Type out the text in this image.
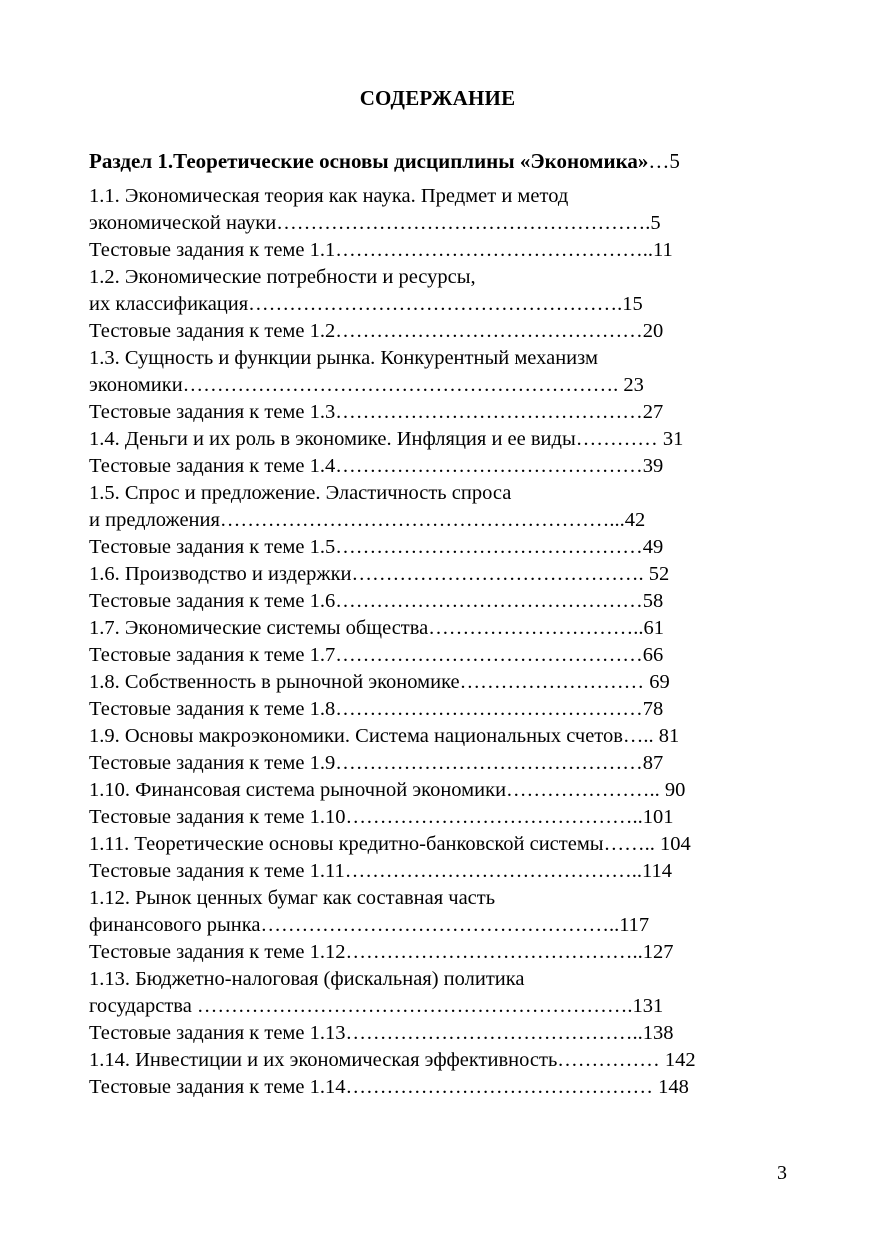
СОДЕРЖАНИЕ
Раздел 1.Теоретические основы дисциплины «Экономика»…5
1.1. Экономическая теория как наука. Предмет и метод
экономической науки……………………………………………….5
Тестовые задания к теме 1.1………………………………………..11
1.2. Экономические потребности и ресурсы,
их классификация……………………………………………….15
Тестовые задания к теме 1.2………………………………………20
1.3. Сущность и функции рынка. Конкурентный механизм
экономики………………………………………………………. 23
Тестовые задания к теме 1.3………………………………………27
1.4. Деньги и их роль в экономике. Инфляция и ее виды………… 31
Тестовые задания к теме 1.4………………………………………39
1.5. Спрос и предложение. Эластичность спроса
и предложения…………………………………………………...42
Тестовые задания к теме 1.5………………………………………49
1.6. Производство и издержки……………………………………. 52
Тестовые задания к теме 1.6………………………………………58
1.7. Экономические системы общества…………………………..61
Тестовые задания к теме 1.7………………………………………66
1.8. Собственность в рыночной экономике……………………… 69
Тестовые задания к теме 1.8………………………………………78
1.9. Основы макроэкономики. Система национальных счетов….. 81
Тестовые задания к теме 1.9………………………………………87
1.10. Финансовая система рыночной экономики………………….. 90
Тестовые задания к теме 1.10……………………………………..101
1.11. Теоретические основы кредитно-банковской системы…….. 104
Тестовые задания к теме 1.11……………………………………..114
1.12. Рынок ценных бумаг как составная часть
финансового рынка……………………………………………..117
Тестовые задания к теме 1.12……………………………………..127
1.13. Бюджетно-налоговая (фискальная) политика
государства ……………………………………………………….131
Тестовые задания к теме 1.13……………………………………..138
1.14. Инвестиции и их экономическая эффективность…………… 142
Тестовые задания к теме 1.14……………………………………… 148
3
